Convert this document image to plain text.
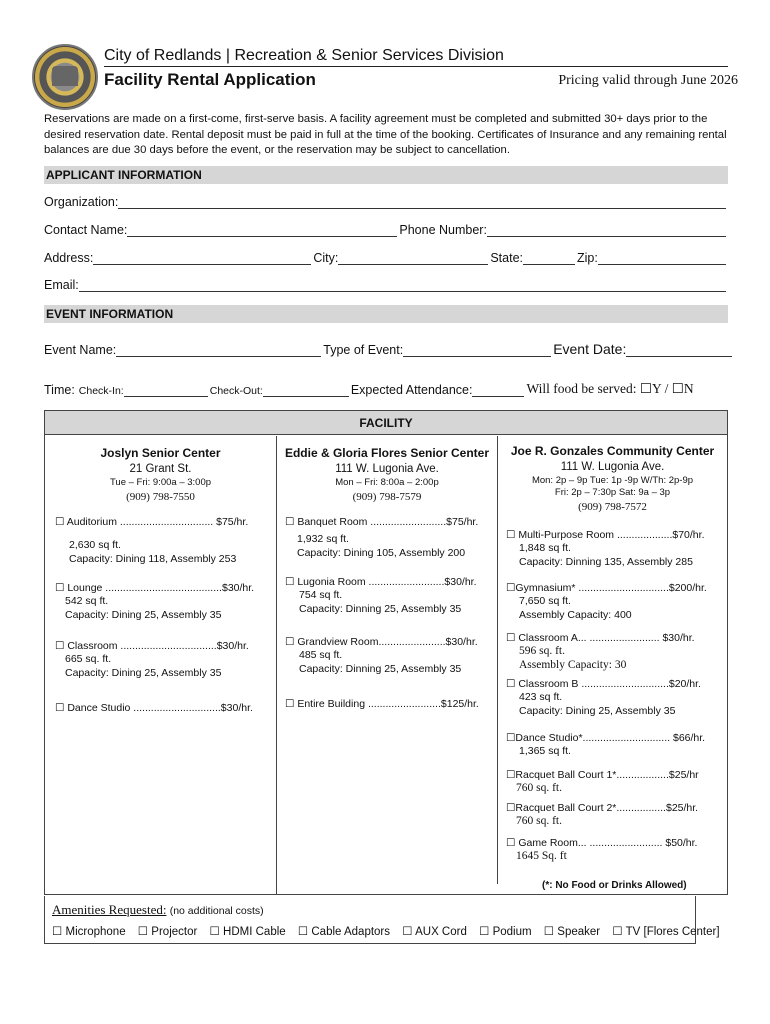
City of Redlands | Recreation & Senior Services Division
Facility Rental Application	Pricing valid through June 2026
Reservations are made on a first-come, first-serve basis. A facility agreement must be completed and submitted 30+ days prior to the desired reservation date. Rental deposit must be paid in full at the time of the booking. Certificates of Insurance and any remaining rental balances are due 30 days before the event, or the reservation may be subject to cancellation.
APPLICANT INFORMATION
Organization:
Contact Name:	Phone Number:
Address:	City:	State:	Zip:
Email:
EVENT INFORMATION
Event Name:	Type of Event:	Event Date:
Time: Check-In:	Check-Out:	Expected Attendance:	Will food be served: ☐Y / ☐N
FACILITY
Joslyn Senior Center
21 Grant St.
Tue – Fri: 9:00a – 3:00p
(909) 798-7550
☐ Auditorium ................................ $75/hr.
2,630 sq ft.
Capacity: Dining 118, Assembly 253
☐ Lounge ........................................$30/hr.
542 sq ft.
Capacity: Dining 25, Assembly 35
☐ Classroom .................................$30/hr.
665 sq. ft.
Capacity: Dining 25, Assembly 35
☐ Dance Studio ..............................$30/hr.
Eddie & Gloria Flores Senior Center
111 W. Lugonia Ave.
Mon – Fri: 8:00a – 2:00p
(909) 798-7579
☐ Banquet Room ..........................$75/hr.
1,932 sq ft.
Capacity: Dining 105, Assembly 200
☐ Lugonia Room ..........................$30/hr.
754 sq ft.
Capacity: Dinning 25, Assembly 35
☐ Grandview Room.......................$30/hr.
485 sq ft.
Capacity: Dinning 25, Assembly 35
☐ Entire Building .........................$125/hr.
Joe R. Gonzales Community Center
111 W. Lugonia Ave.
Mon: 2p – 9p Tue: 1p -9p W/Th: 2p-9p
Fri: 2p – 7:30p Sat: 9a – 3p
(909) 798-7572
☐ Multi-Purpose Room ...................$70/hr.
1,848 sq ft.
Capacity: Dinning 135, Assembly 285
☐Gymnasium* ...............................$200/hr.
7,650 sq ft.
Assembly Capacity: 400
☐ Classroom A... ........................ $30/hr.
596 sq. ft.
Assembly Capacity: 30
☐ Classroom B ..............................$20/hr.
423 sq ft.
Capacity: Dining 25, Assembly 35
☐Dance Studio*.............................. $66/hr.
1,365 sq ft.
☐Racquet Ball Court 1*..................$25/hr
760 sq. ft.
☐Racquet Ball Court 2*.................$25/hr.
760 sq. ft.
☐ Game Room... ......................... $50/hr.
1645 Sq. ft
(*: No Food or Drinks Allowed)
Amenities Requested: (no additional costs)
☐ Microphone ☐ Projector ☐ HDMI Cable ☐ Cable Adaptors ☐ AUX Cord ☐ Podium ☐ Speaker ☐ TV [Flores Center]
